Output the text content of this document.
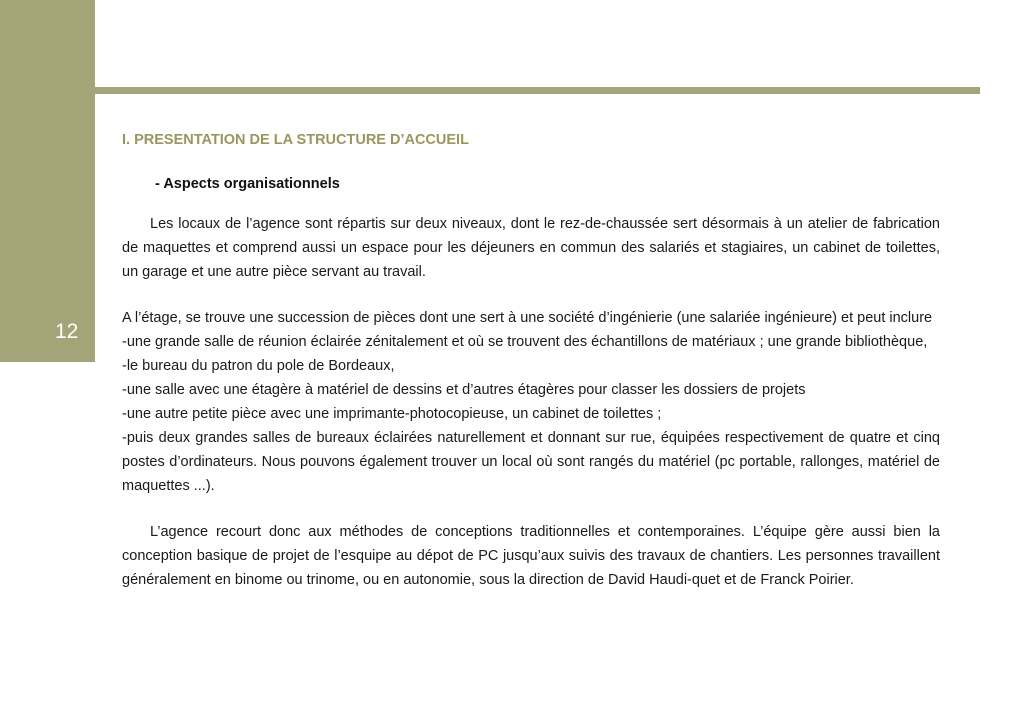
12
I. PRESENTATION DE LA STRUCTURE D’ACCUEIL
- Aspects organisationnels

Les locaux de l’agence sont répartis sur deux niveaux, dont le rez-de-chaussée sert désormais à un atelier de fabrication de maquettes et comprend aussi un espace pour les déjeuners en commun des salariés et stagiaires, un cabinet de toilettes, un garage et une autre pièce servant au travail.

A l’étage, se trouve une succession de pièces dont une sert à une société d’ingénierie (une salariée ingénieure) et peut inclure

-une grande salle de réunion éclairée zénitalement et où se trouvent des échantillons de matériaux ; une grande bibliothèque,

-le bureau du patron du pole de Bordeaux,

-une salle avec une étagère à matériel de dessins et d’autres étagères pour classer les dossiers de projets

-une autre petite pièce avec une imprimante-photocopieuse, un cabinet de toilettes ;

-puis deux grandes salles de bureaux éclairées naturellement et donnant sur rue, équipées respectivement de quatre et cinq postes d’ordinateurs. Nous pouvons également trouver un local où sont rangés du matériel (pc portable, rallonges, matériel de maquettes ...).

L’agence recourt donc aux méthodes de conceptions traditionnelles et contemporaines. L’équipe gère aussi bien la conception basique de projet de l’esquipe au dépot de PC jusqu’aux suivis des travaux de chantiers. Les personnes travaillent généralement en binome ou trinome, ou en autonomie, sous la direction de David Haudi-quet et de Franck Poirier.
